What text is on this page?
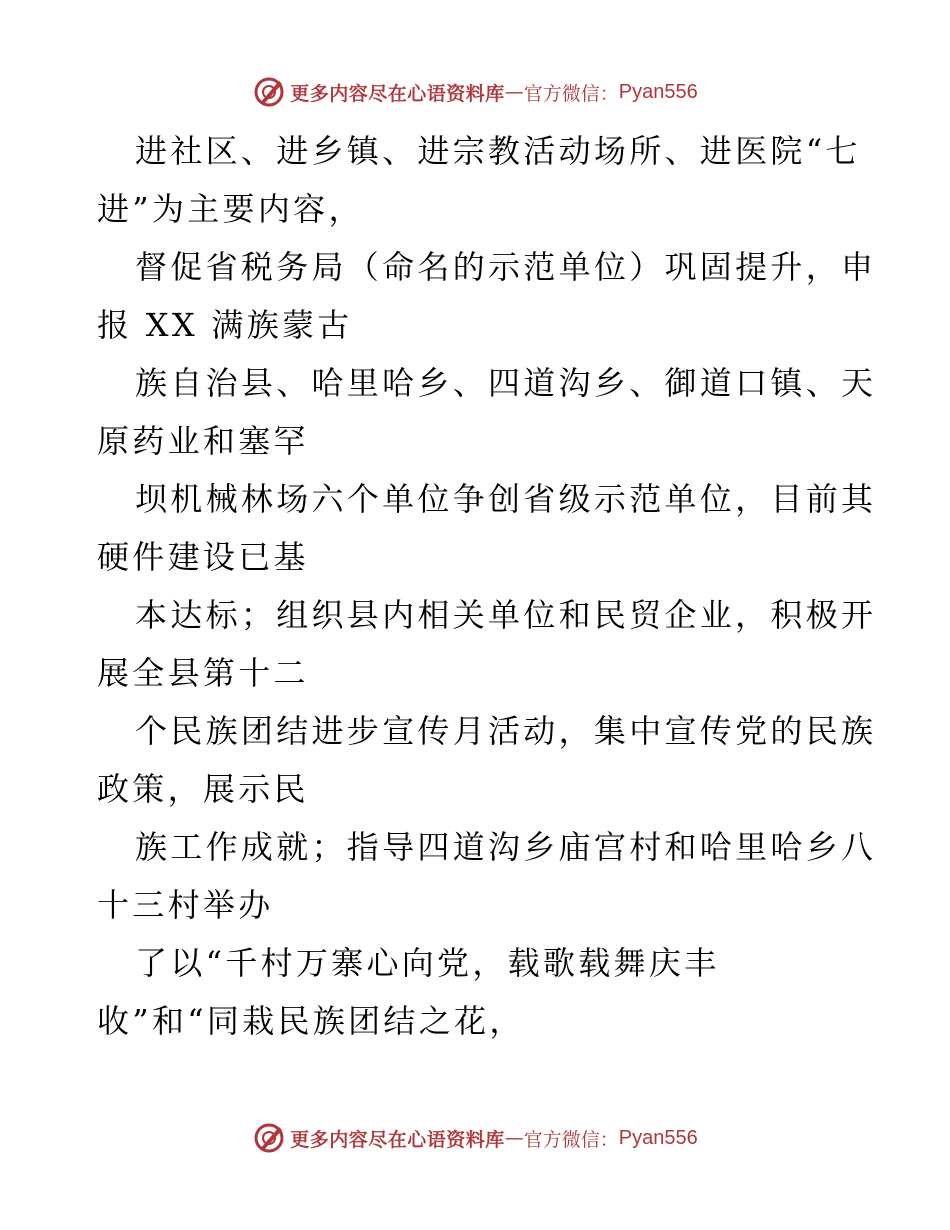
更多内容尽在心语资料库 — 官方微信： Pyan556
进社区、进乡镇、进宗教活动场所、进医院“七
进”为主要内容，
督促省税务局（命名的示范单位）巩固提升，申
报 XX 满族蒙古
族自治县、哈里哈乡、四道沟乡、御道口镇、天
原药业和塞罕
坝机械林场六个单位争创省级示范单位，目前其
硬件建设已基
本达标；组织县内相关单位和民贸企业，积极开
展全县第十二
个民族团结进步宣传月活动，集中宣传党的民族
政策，展示民
族工作成就；指导四道沟乡庙宫村和哈里哈乡八
十三村举办
了以“千村万寨心向党，载歌载舞庆丰
收”和“同栽民族团结之花，
更多内容尽在心语资料库 — 官方微信： Pyan556
